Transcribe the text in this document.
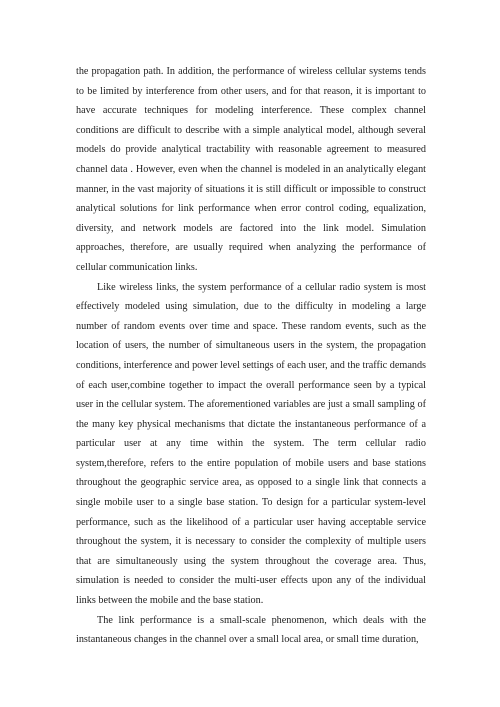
the propagation path. In addition, the performance of wireless cellular systems tends to be limited by interference from other users, and for that reason, it is important to have accurate techniques for modeling interference. These complex channel conditions are difficult to describe with a simple analytical model, although several models do provide analytical tractability with reasonable agreement to measured channel data . However, even when the channel is modeled in an analytically elegant manner, in the vast majority of situations it is still difficult or impossible to construct analytical solutions for link performance when error control coding, equalization, diversity, and network models are factored into the link model. Simulation approaches, therefore, are usually required when analyzing the performance of cellular communication links.

Like wireless links, the system performance of a cellular radio system is most effectively modeled using simulation, due to the difficulty in modeling a large number of random events over time and space. These random events, such as the location of users, the number of simultaneous users in the system, the propagation conditions, interference and power level settings of each user, and the traffic demands of each user,combine together to impact the overall performance seen by a typical user in the cellular system. The aforementioned variables are just a small sampling of the many key physical mechanisms that dictate the instantaneous performance of a particular user at any time within the system. The term cellular radio system,therefore, refers to the entire population of mobile users and base stations throughout the geographic service area, as opposed to a single link that connects a single mobile user to a single base station. To design for a particular system-level performance, such as the likelihood of a particular user having acceptable service throughout the system, it is necessary to consider the complexity of multiple users that are simultaneously using the system throughout the coverage area. Thus, simulation is needed to consider the multi-user effects upon any of the individual links between the mobile and the base station.

The link performance is a small-scale phenomenon, which deals with the instantaneous changes in the channel over a small local area, or small time duration,
